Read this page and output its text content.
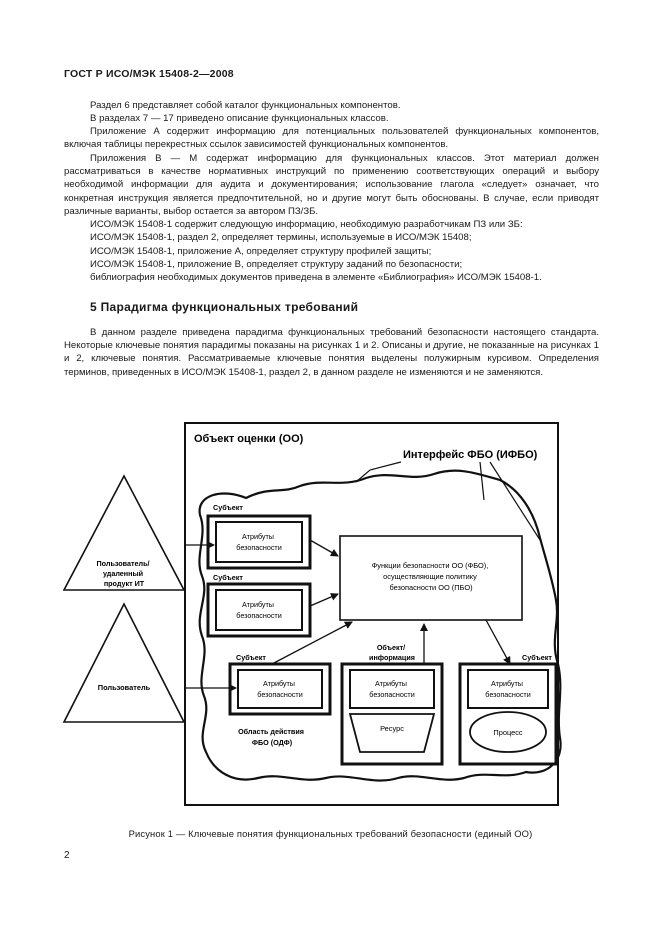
ГОСТ Р ИСО/МЭК 15408-2—2008
Раздел 6 представляет собой каталог функциональных компонентов.
В разделах 7 — 17 приведено описание функциональных классов.
Приложение А содержит информацию для потенциальных пользователей функциональных компонентов, включая таблицы перекрестных ссылок зависимостей функциональных компонентов.
Приложения В — М содержат информацию для функциональных классов. Этот материал должен рассматриваться в качестве нормативных инструкций по применению соответствующих операций и выбору необходимой информации для аудита и документирования; использование глагола «следует» означает, что конкретная инструкция является предпочтительной, но и другие могут быть обоснованы. В случае, если приводят различные варианты, выбор остается за автором ПЗ/ЗБ.
ИСО/МЭК 15408-1 содержит следующую информацию, необходимую разработчикам ПЗ или ЗБ:
ИСО/МЭК 15408-1, раздел 2, определяет термины, используемые в ИСО/МЭК 15408;
ИСО/МЭК 15408-1, приложение А, определяет структуру профилей защиты;
ИСО/МЭК 15408-1, приложение В, определяет структуру заданий по безопасности;
библиография необходимых документов приведена в элементе «Библиография» ИСО/МЭК 15408-1.
5 Парадигма функциональных требований
В данном разделе приведена парадигма функциональных требований безопасности настоящего стандарта. Некоторые ключевые понятия парадигмы показаны на рисунках 1 и 2. Описаны и другие, не показанные на рисунках 1 и 2, ключевые понятия. Рассматриваемые ключевые понятия выделены полужирным курсивом. Определения терминов, приведенных в ИСО/МЭК 15408-1, раздел 2, в данном разделе не изменяются и не заменяются.
Объект оценки (ОО)
Интерфейс ФБО (ИФБО)
Пользователь/ удаленный продукт ИТ
Пользователь
Субъект
Атрибуты безопасности
Субъект
Атрибуты безопасности
Функции безопасности ОО (ФБО), осуществляющие политику безопасности ОО (ПБО)
Субъект
Атрибуты безопасности
Область действия ФБО (ОДФ)
Объект/ информация
Атрибуты безопасности
Ресурс
Субъект
Атрибуты безопасности
Процесс
Рисунок 1 — Ключевые понятия функциональных требований безопасности (единый ОО)
2
